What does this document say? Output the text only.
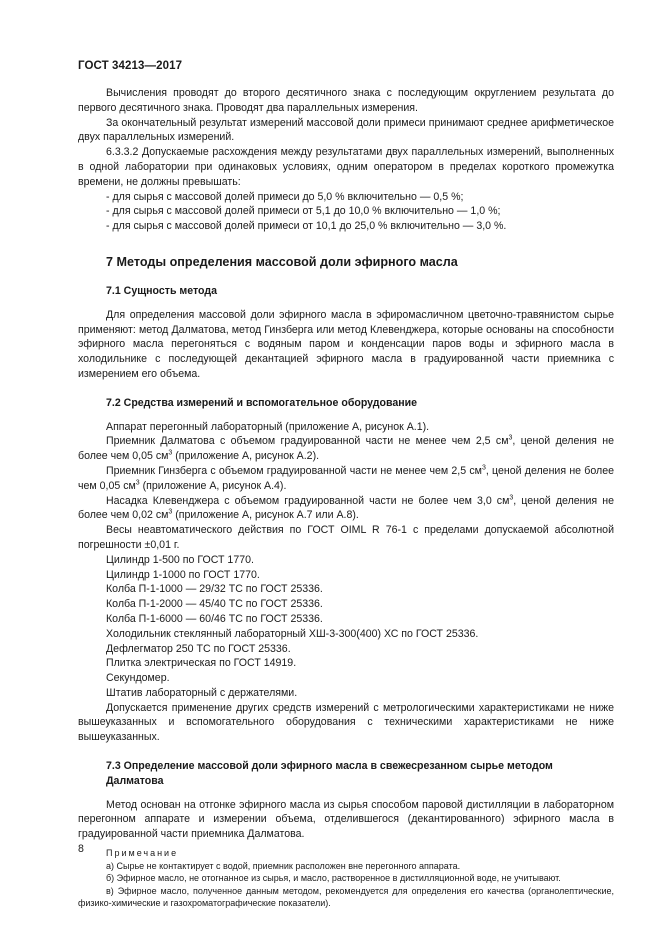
ГОСТ 34213—2017

Вычисления проводят до второго десятичного знака с последующим округлением результата до первого десятичного знака. Проводят два параллельных измерения.

За окончательный результат измерений массовой доли примеси принимают среднее арифметическое двух параллельных измерений.

6.3.3.2 Допускаемые расхождения между результатами двух параллельных измерений, выполненных в одной лаборатории при одинаковых условиях, одним оператором в пределах короткого промежутка времени, не должны превышать:

- для сырья с массовой долей примеси до 5,0 % включительно — 0,5 %;

- для сырья с массовой долей примеси от 5,1 до 10,0 % включительно — 1,0 %;

- для сырья с массовой долей примеси от 10,1 до 25,0 % включительно — 3,0 %.

7 Методы определения массовой доли эфирного масла

7.1 Сущность метода

Для определения массовой доли эфирного масла в эфиромасличном цветочно-травянистом сырье применяют: метод Далматова, метод Гинзберга или метод Клевенджера, которые основаны на способности эфирного масла перегоняться с водяным паром и конденсации паров воды и эфирного масла в холодильнике с последующей декантацией эфирного масла в градуированной части приемника с измерением его объема.

7.2 Средства измерений и вспомогательное оборудование

Аппарат перегонный лабораторный (приложение А, рисунок А.1).

Приемник Далматова с объемом градуированной части не менее чем 2,5 $см^3$, ценой деления не более чем 0,05 $см^3$ (приложение А, рисунок А.2).

Приемник Гинзберга с объемом градуированной части не менее чем 2,5 $см^3$, ценой деления не более чем 0,05 $см^3$ (приложение А, рисунок А.4).

Насадка Клевенджера с объемом градуированной части не более чем 3,0 $см^3$, ценой деления не более чем 0,02 $см^3$ (приложение А, рисунок А.7 или А.8).

Весы неавтоматического действия по ГОСТ OIML R 76-1 с пределами допускаемой абсолютной погрешности ±0,01 г.

Цилиндр 1-500 по ГОСТ 1770.

Цилиндр 1-1000 по ГОСТ 1770.

Колба П-1-1000 — 29/32 ТС по ГОСТ 25336.

Колба П-1-2000 — 45/40 ТС по ГОСТ 25336.

Колба П-1-6000 — 60/46 ТС по ГОСТ 25336.

Холодильник стеклянный лабораторный ХШ-3-300(400) ХС по ГОСТ 25336.

Дефлегматор 250 ТС по ГОСТ 25336.

Плитка электрическая по ГОСТ 14919.

Секундомер.

Штатив лабораторный с держателями.

Допускается применение других средств измерений с метрологическими характеристиками не ниже вышеуказанных и вспомогательного оборудования с техническими характеристиками не ниже вышеуказанных.

7.3 Определение массовой доли эфирного масла в свежесрезанном сырье методом
Далматова

Метод основан на отгонке эфирного масла из сырья способом паровой дистилляции в лабораторном перегонном аппарате и измерении объема, отделившегося (декантированного) эфирного масла в градуированной части приемника Далматова.

Примечание

а) Сырье не контактирует с водой, приемник расположен вне перегонного аппарата.

б) Эфирное масло, не отогнанное из сырья, и масло, растворенное в дистилляционной воде, не учитывают.

в) Эфирное масло, полученное данным методом, рекомендуется для определения его качества (органолептические, физико-химические и газохроматографические показатели).

8
